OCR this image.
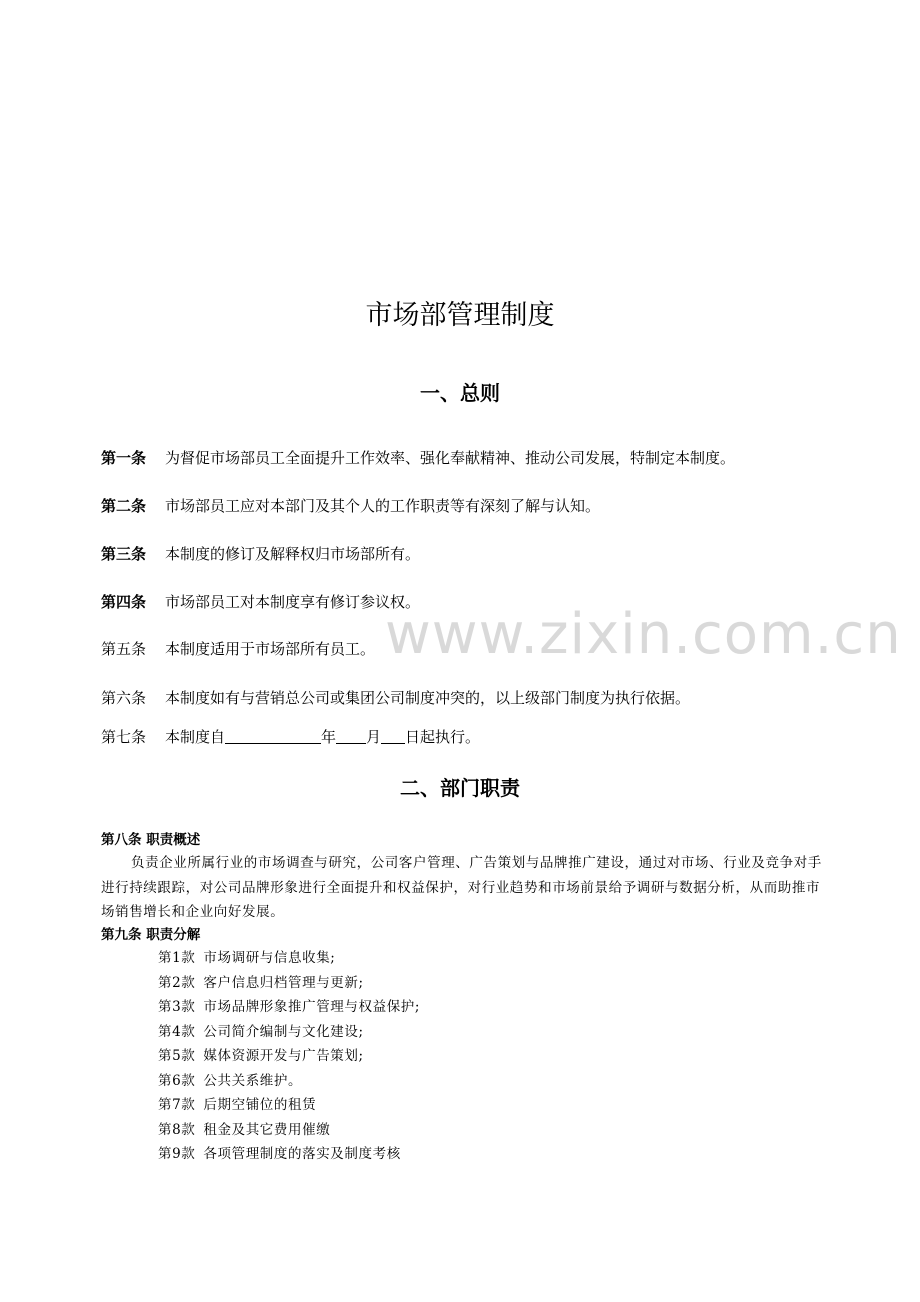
www.zixin.com.cn
市场部管理制度
一、总则
第一条 为督促市场部员工全面提升工作效率、强化奉献精神、推动公司发展，特制定本制度。
第二条 市场部员工应对本部门及其个人的工作职责等有深刻了解与认知。
第三条 本制度的修订及解释权归市场部所有。
第四条 市场部员工对本制度享有修订参议权。
第五条 本制度适用于市场部所有员工。
第六条 本制度如有与营销总公司或集团公司制度冲突的，以上级部门制度为执行依据。
第七条 本制度自	年 月 日起执行。
二、部门职责
第八条 职责概述
负责企业所属行业的市场调查与研究，公司客户管理、广告策划与品牌推广建设，通过对市场、行业及竞争对手进行持续跟踪，对公司品牌形象进行全面提升和权益保护，对行业趋势和市场前景给予调研与数据分析，从而助推市场销售增长和企业向好发展。
第九条 职责分解
第1款 市场调研与信息收集;
第2款 客户信息归档管理与更新;
第3款 市场品牌形象推广管理与权益保护;
第4款 公司简介编制与文化建设;
第5款 媒体资源开发与广告策划;
第6款 公共关系维护。
第7款 后期空铺位的租赁
第8款 租金及其它费用催缴
第9款 各项管理制度的落实及制度考核
